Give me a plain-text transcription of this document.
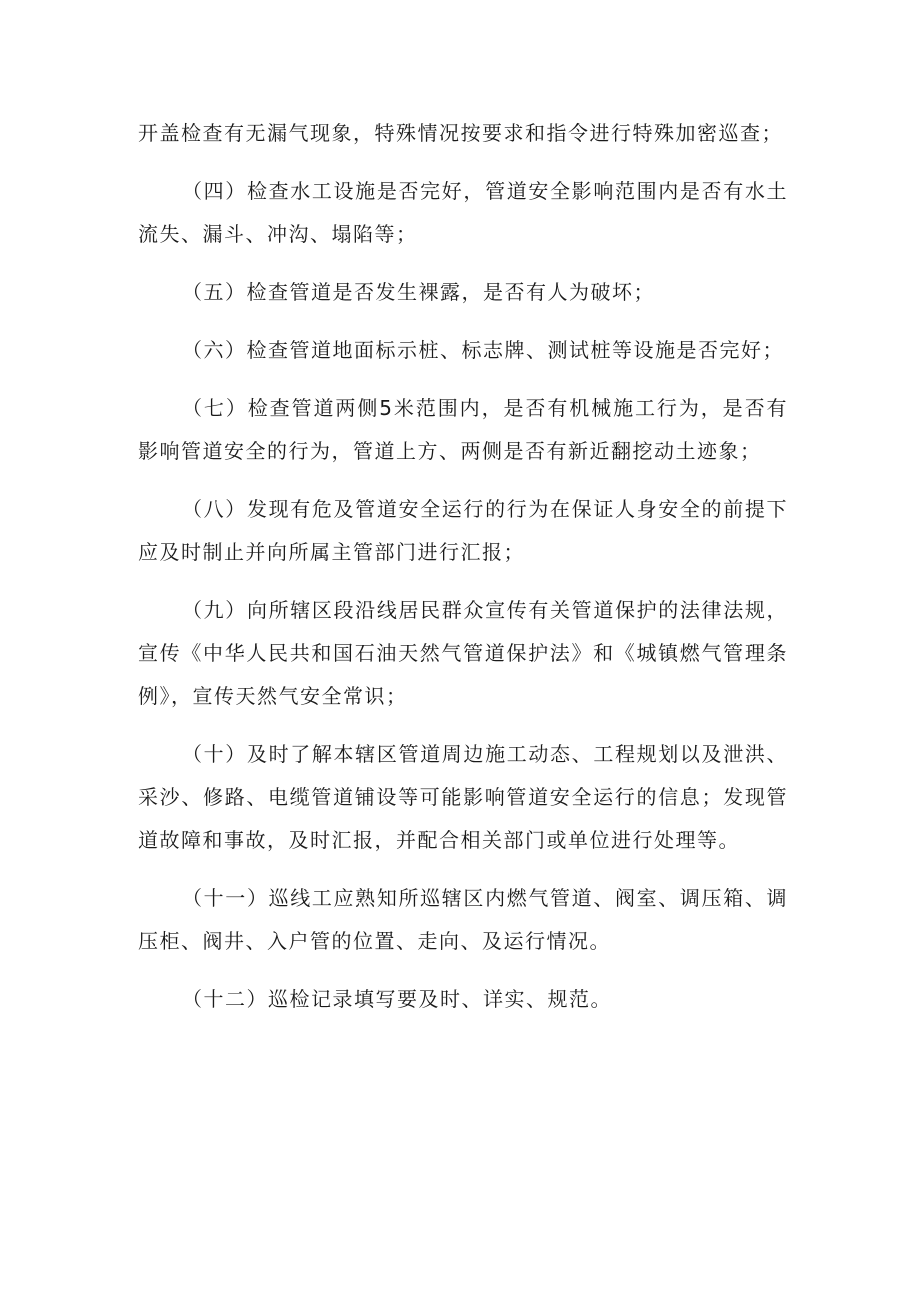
开盖检查有无漏气现象，特殊情况按要求和指令进行特殊加密巡查；

（四）检查水工设施是否完好，管道安全影响范围内是否有水土流失、漏斗、冲沟、塌陷等；

（五）检查管道是否发生裸露，是否有人为破坏；

（六）检查管道地面标示桩、标志牌、测试桩等设施是否完好；

（七）检查管道两侧5米范围内，是否有机械施工行为，是否有影响管道安全的行为，管道上方、两侧是否有新近翻挖动土迹象；

（八）发现有危及管道安全运行的行为在保证人身安全的前提下应及时制止并向所属主管部门进行汇报；

（九）向所辖区段沿线居民群众宣传有关管道保护的法律法规，宣传《中华人民共和国石油天然气管道保护法》和《城镇燃气管理条例》，宣传天然气安全常识；

（十）及时了解本辖区管道周边施工动态、工程规划以及泄洪、采沙、修路、电缆管道铺设等可能影响管道安全运行的信息；发现管道故障和事故，及时汇报，并配合相关部门或单位进行处理等。

（十一）巡线工应熟知所巡辖区内燃气管道、阀室、调压箱、调压柜、阀井、入户管的位置、走向、及运行情况。

（十二）巡检记录填写要及时、详实、规范。
